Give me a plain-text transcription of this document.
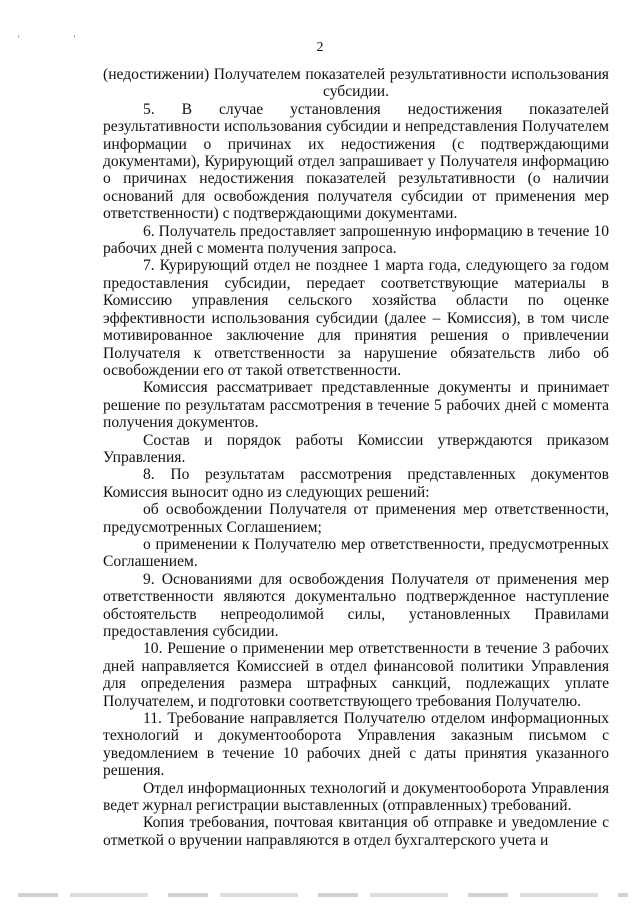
' '
2

(недостижении) Получателем показателей результативности использования субсидии.

5. В случае установления недостижения показателей результативности использования субсидии и непредставления Получателем информации о причинах их недостижения (с подтверждающими документами), Курирующий отдел запрашивает у Получателя информацию о причинах недостижения показателей результативности (о наличии оснований для освобождения получателя субсидии от применения мер ответственности) с подтверждающими документами.

6. Получатель предоставляет запрошенную информацию в течение 10 рабочих дней с момента получения запроса.

7. Курирующий отдел не позднее 1 марта года, следующего за годом предоставления субсидии, передает соответствующие материалы в Комиссию управления сельского хозяйства области по оценке эффективности использования субсидии (далее – Комиссия), в том числе мотивированное заключение для принятия решения о привлечении Получателя к ответственности за нарушение обязательств либо об освобождении его от такой ответственности.

Комиссия рассматривает представленные документы и принимает решение по результатам рассмотрения в течение 5 рабочих дней с момента получения документов.

Состав и порядок работы Комиссии утверждаются приказом Управления.

8. По результатам рассмотрения представленных документов Комиссия выносит одно из следующих решений:

об освобождении Получателя от применения мер ответственности, предусмотренных Соглашением;

о применении к Получателю мер ответственности, предусмотренных Соглашением.

9. Основаниями для освобождения Получателя от применения мер ответственности являются документально подтвержденное наступление обстоятельств непреодолимой силы, установленных Правилами предоставления субсидии.

10. Решение о применении мер ответственности в течение 3 рабочих дней направляется Комиссией в отдел финансовой политики Управления для определения размера штрафных санкций, подлежащих уплате Получателем, и подготовки соответствующего требования Получателю.

11. Требование направляется Получателю отделом информационных технологий и документооборота Управления заказным письмом с уведомлением в течение 10 рабочих дней с даты принятия указанного решения.

Отдел информационных технологий и документооборота Управления ведет журнал регистрации выставленных (отправленных) требований.

Копия требования, почтовая квитанция об отправке и уведомление с отметкой о вручении направляются в отдел бухгалтерского учета и
